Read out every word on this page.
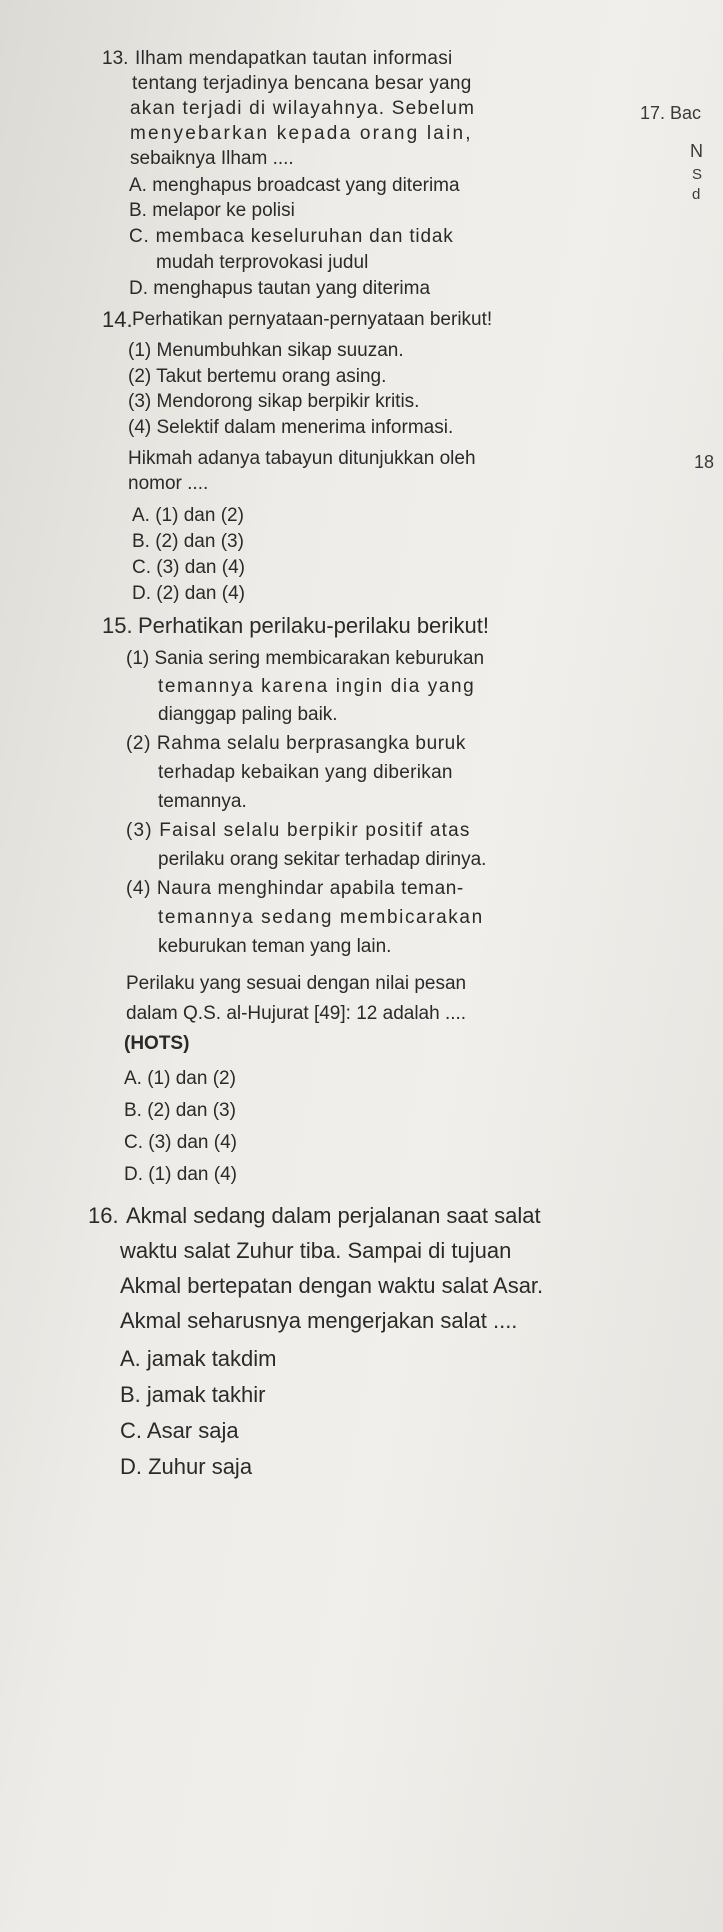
13. Ilham mendapatkan tautan informasi
tentang terjadinya bencana besar yang
akan terjadi di wilayahnya. Sebelum
menyebarkan kepada orang lain,
sebaiknya Ilham ....
A. menghapus broadcast yang diterima
B. melapor ke polisi
C. membaca keseluruhan dan tidak
mudah terprovokasi judul
D. menghapus tautan yang diterima
14. Perhatikan pernyataan-pernyataan berikut!
(1) Menumbuhkan sikap suuzan.
(2) Takut bertemu orang asing.
(3) Mendorong sikap berpikir kritis.
(4) Selektif dalam menerima informasi.
Hikmah adanya tabayun ditunjukkan oleh
nomor ....
A. (1) dan (2)
B. (2) dan (3)
C. (3) dan (4)
D. (2) dan (4)
15. Perhatikan perilaku-perilaku berikut!
(1) Sania sering membicarakan keburukan
temannya karena ingin dia yang
dianggap paling baik.
(2) Rahma selalu berprasangka buruk
terhadap kebaikan yang diberikan
temannya.
(3) Faisal selalu berpikir positif atas
perilaku orang sekitar terhadap dirinya.
(4) Naura menghindar apabila teman-
temannya sedang membicarakan
keburukan teman yang lain.
Perilaku yang sesuai dengan nilai pesan
dalam Q.S. al-Hujurat [49]: 12 adalah ....
(HOTS)
A. (1) dan (2)
B. (2) dan (3)
C. (3) dan (4)
D. (1) dan (4)
16. Akmal sedang dalam perjalanan saat salat
waktu salat Zuhur tiba. Sampai di tujuan
Akmal bertepatan dengan waktu salat Asar.
Akmal seharusnya mengerjakan salat ....
A. jamak takdim
B. jamak takhir
C. Asar saja
D. Zuhur saja
17. Bac
N
S
d
18
